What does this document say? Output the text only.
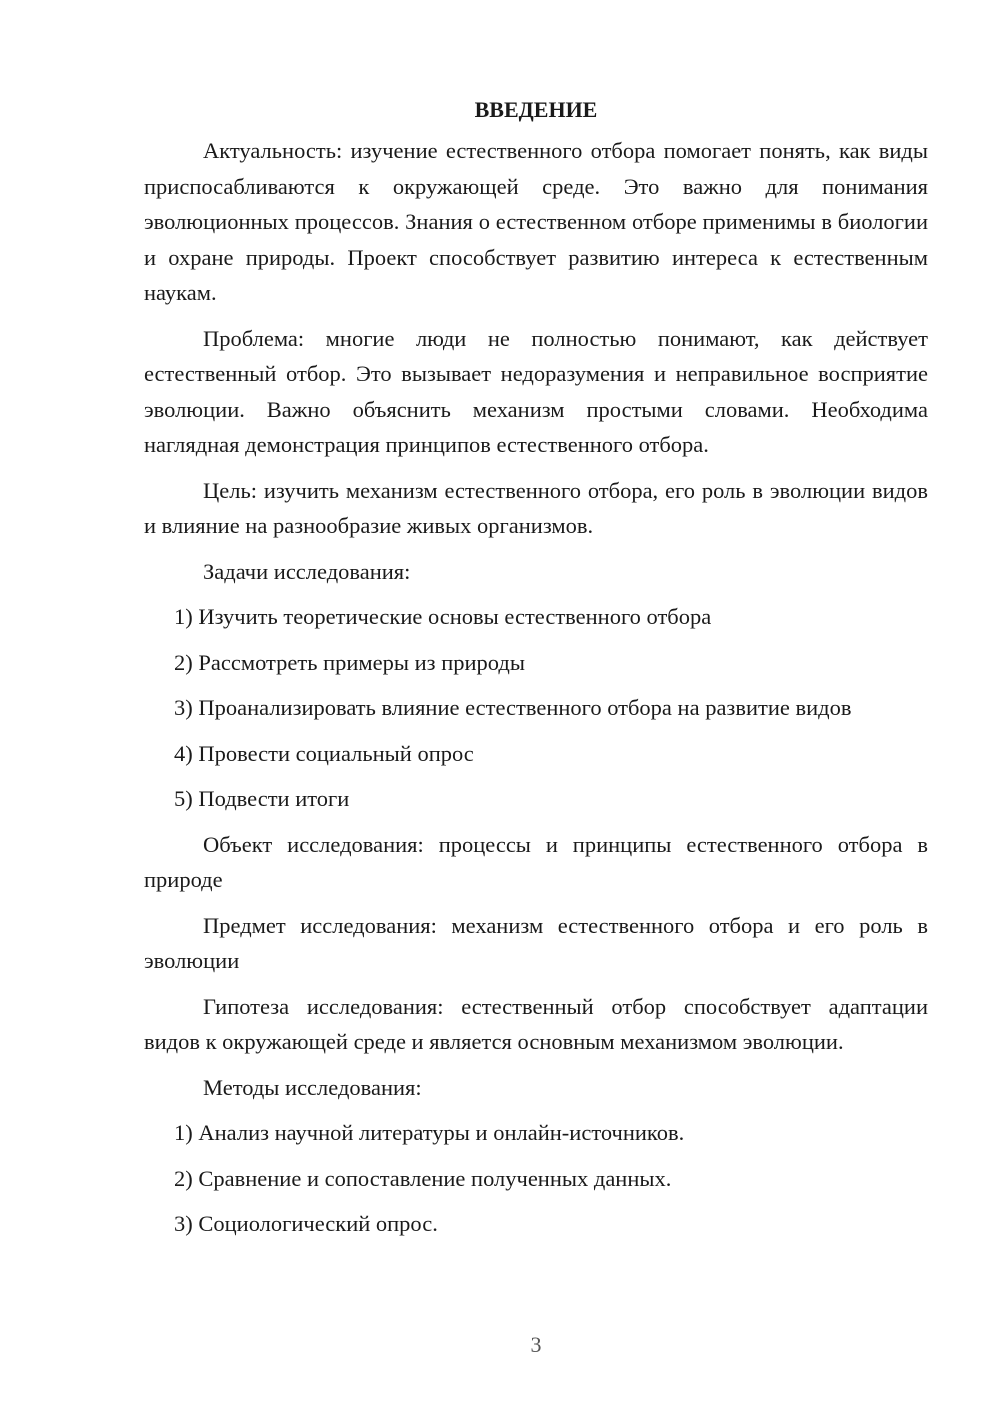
ВВЕДЕНИЕ

Актуальность: изучение естественного отбора помогает понять, как виды приспосабливаются к окружающей среде. Это важно для понимания эволюционных процессов. Знания о естественном отборе применимы в биологии и охране природы. Проект способствует развитию интереса к естественным наукам.

Проблема: многие люди не полностью понимают, как действует естественный отбор. Это вызывает недоразумения и неправильное восприятие эволюции. Важно объяснить механизм простыми словами. Необходима наглядная демонстрация принципов естественного отбора.

Цель: изучить механизм естественного отбора, его роль в эволюции видов и влияние на разнообразие живых организмов.

Задачи исследования:

1) Изучить теоретические основы естественного отбора
2) Рассмотреть примеры из природы
3) Проанализировать влияние естественного отбора на развитие видов
4) Провести социальный опрос
5) Подвести итоги

Объект исследования: процессы и принципы естественного отбора в природе

Предмет исследования: механизм естественного отбора и его роль в эволюции

Гипотеза исследования: естественный отбор способствует адаптации видов к окружающей среде и является основным механизмом эволюции.

Методы исследования:

1) Анализ научной литературы и онлайн-источников.
2) Сравнение и сопоставление полученных данных.
3) Социологический опрос.
3
